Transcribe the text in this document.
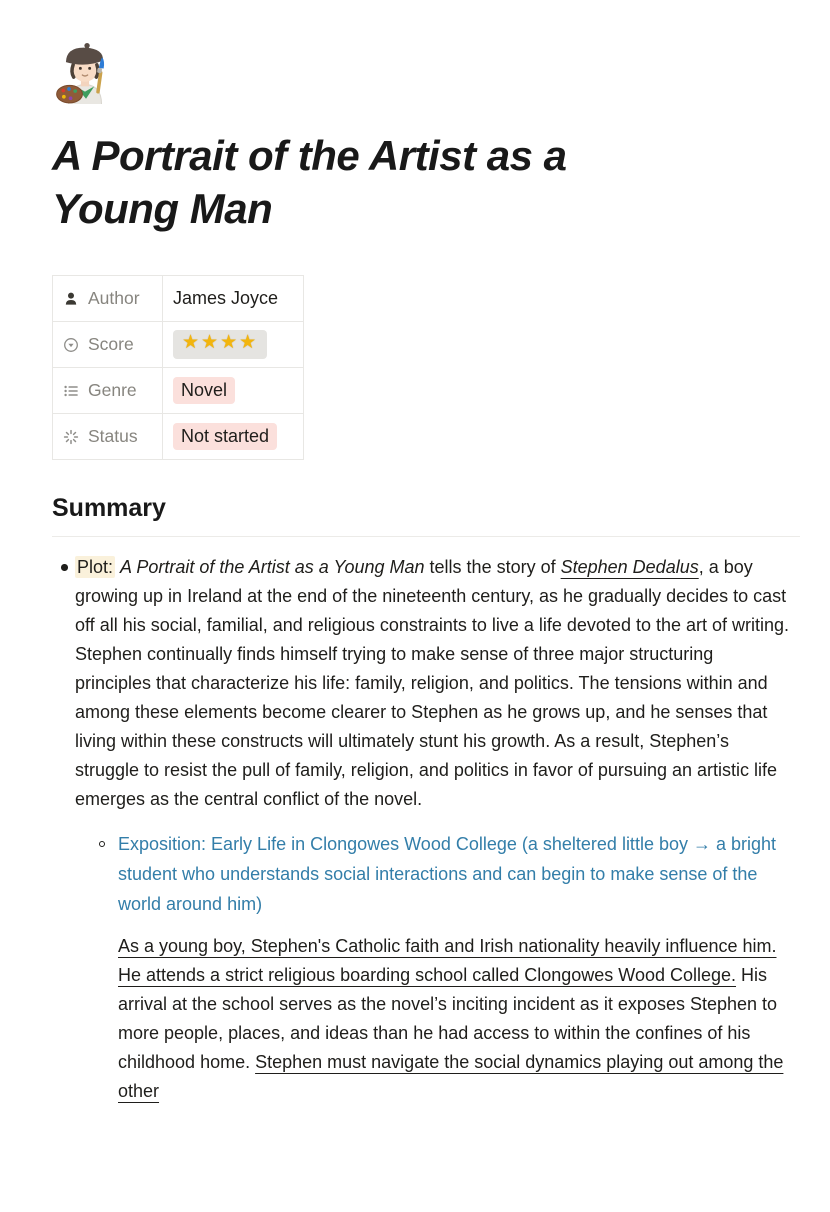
A Portrait of the Artist as a Young Man
Author	James Joyce

Score	★★★★

Genre	Novel

Status	Not started
Summary
Plot: A Portrait of the Artist as a Young Man tells the story of Stephen Dedalus, a boy growing up in Ireland at the end of the nineteenth century, as he gradually decides to cast off all his social, familial, and religious constraints to live a life devoted to the art of writing. Stephen continually finds himself trying to make sense of three major structuring principles that characterize his life: family, religion, and politics. The tensions within and among these elements become clearer to Stephen as he grows up, and he senses that living within these constructs will ultimately stunt his growth. As a result, Stephen’s struggle to resist the pull of family, religion, and politics in favor of pursuing an artistic life emerges as the central conflict of the novel.
Exposition: Early Life in Clongowes Wood College (a sheltered little boy → a bright student who understands social interactions and can begin to make sense of the world around him)
As a young boy, Stephen's Catholic faith and Irish nationality heavily influence him. He attends a strict religious boarding school called Clongowes Wood College. His arrival at the school serves as the novel’s inciting incident as it exposes Stephen to more people, places, and ideas than he had access to within the confines of his childhood home. Stephen must navigate the social dynamics playing out among the other
